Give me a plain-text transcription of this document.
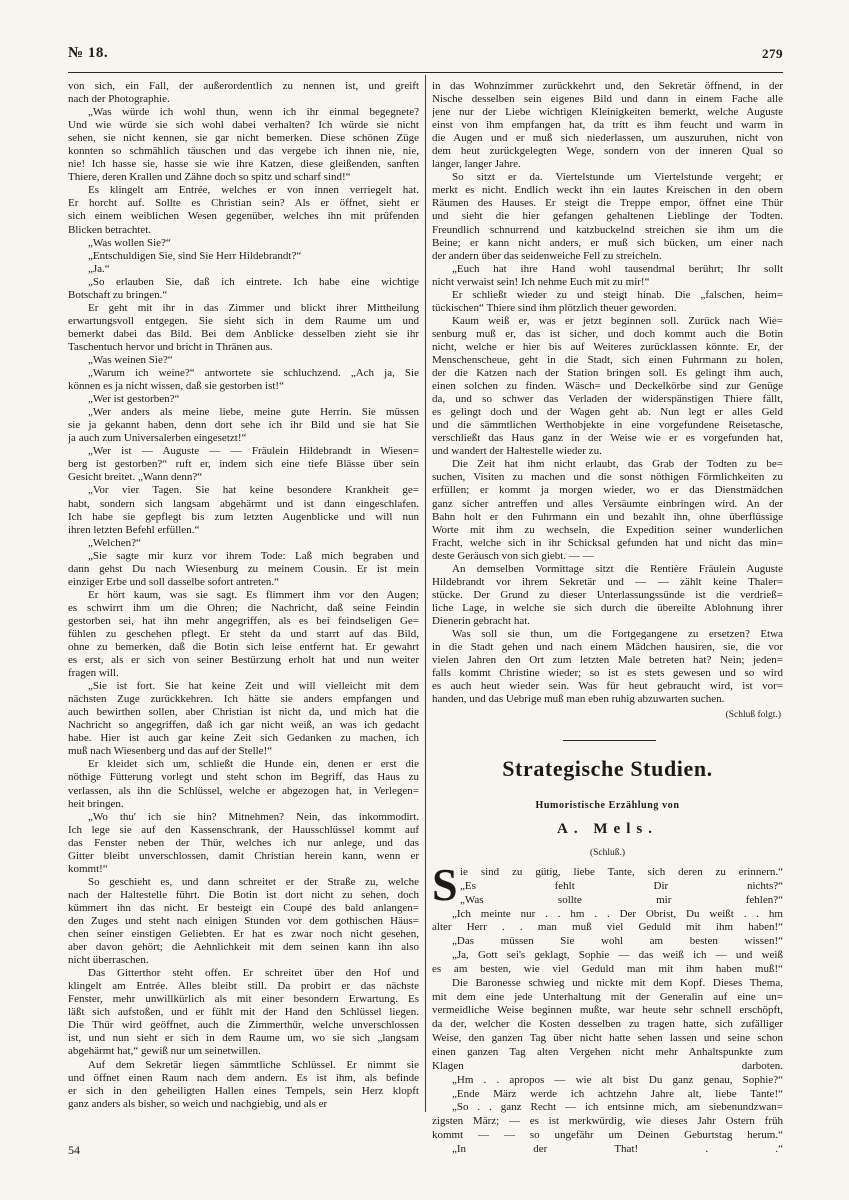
№ 18.	279
von sich, ein Fall, der außerordentlich zu nennen ist, und greift
nach der Photographie.
„Was würde ich wohl thun, wenn ich ihr einmal begegnete?
Und wie würde sie sich wohl dabei verhalten? Ich würde sie nicht
sehen, sie nicht kennen, sie gar nicht bemerken. Diese schönen Züge
konnten so schmählich täuschen und das vergebe ich ihnen nie, nie,
nie! Ich hasse sie, hasse sie wie ihre Katzen, diese gleißenden, sanften
Thiere, deren Krallen und Zähne doch so spitz und scharf sind!“
Es klingelt am Entrée, welches er von innen verriegelt hat.
Er horcht auf. Sollte es Christian sein? Als er öffnet, sieht er
sich einem weiblichen Wesen gegenüber, welches ihn mit prüfenden
Blicken betrachtet.
„Was wollen Sie?“
„Entschuldigen Sie, sind Sie Herr Hildebrandt?“
„Ja.“
„So erlauben Sie, daß ich eintrete. Ich habe eine wichtige
Botschaft zu bringen.“
Er geht mit ihr in das Zimmer und blickt ihrer Mittheilung
erwartungsvoll entgegen. Sie sieht sich in dem Raume um und
bemerkt dabei das Bild. Bei dem Anblicke desselben zieht sie ihr
Taschentuch hervor und bricht in Thränen aus.
„Was weinen Sie?“
„Warum ich weine?“ antwortete sie schluchzend. „Ach ja, Sie
können es ja nicht wissen, daß sie gestorben ist!“
„Wer ist gestorben?“
„Wer anders als meine liebe, meine gute Herrin. Sie müssen
sie ja gekannt haben, denn dort sehe ich ihr Bild und sie hat Sie
ja auch zum Universalerben eingesetzt!“
„Wer ist — Auguste — — Fräulein Hildebrandt in Wiesen=
berg ist gestorben?“ ruft er, indem sich eine tiefe Blässe über sein
Gesicht breitet. „Wann denn?“
„Vor vier Tagen. Sie hat keine besondere Krankheit ge=
habt, sondern sich langsam abgehärmt und ist dann eingeschlafen.
Ich habe sie gepflegt bis zum letzten Augenblicke und will nun
ihren letzten Befehl erfüllen.“
„Welchen?“
„Sie sagte mir kurz vor ihrem Tode: Laß mich begraben und
dann gehst Du nach Wiesenburg zu meinem Cousin. Er ist mein
einziger Erbe und soll dasselbe sofort antreten.“
Er hört kaum, was sie sagt. Es flimmert ihm vor den Augen;
es schwirrt ihm um die Ohren; die Nachricht, daß seine Feindin
gestorben sei, hat ihn mehr angegriffen, als es bei feindseligen Ge=
fühlen zu geschehen pflegt. Er steht da und starrt auf das Bild,
ohne zu bemerken, daß die Botin sich leise entfernt hat. Er gewahrt
es erst, als er sich von seiner Bestürzung erholt hat und nun weiter
fragen will.
„Sie ist fort. Sie hat keine Zeit und will vielleicht mit dem
nächsten Zuge zurückkehren. Ich hätte sie anders empfangen und
auch bewirthen sollen, aber Christian ist nicht da, und mich hat die
Nachricht so angegriffen, daß ich gar nicht weiß, an was ich gedacht
habe. Hier ist auch gar keine Zeit sich Gedanken zu machen, ich
muß nach Wiesenberg und das auf der Stelle!“
Er kleidet sich um, schließt die Hunde ein, denen er erst die
nöthige Fütterung vorlegt und steht schon im Begriff, das Haus zu
verlassen, als ihn die Schlüssel, welche er abgezogen hat, in Verlegen=
heit bringen.
„Wo thu' ich sie hin? Mitnehmen? Nein, das inkommodirt.
Ich lege sie auf den Kassenschrank, der Hausschlüssel kommt auf
das Fenster neben der Thür, welches ich nur anlege, und das
Gitter bleibt unverschlossen, damit Christian herein kann, wenn er
kommt!“
So geschieht es, und dann schreitet er der Straße zu, welche
nach der Haltestelle führt. Die Botin ist dort nicht zu sehen, doch
kümmert ihn das nicht. Er besteigt ein Coupé des bald anlangen=
den Zuges und steht nach einigen Stunden vor dem gothischen Häus=
chen seiner einstigen Geliebten. Er hat es zwar noch nicht gesehen,
aber davon gehört; die Aehnlichkeit mit dem seinen kann ihn also
nicht überraschen.
Das Gitterthor steht offen. Er schreitet über den Hof und
klingelt am Entrée. Alles bleibt still. Da probirt er das nächste
Fenster, mehr unwillkürlich als mit einer besondern Erwartung. Es
läßt sich aufstoßen, und er fühlt mit der Hand den Schlüssel liegen.
Die Thür wird geöffnet, auch die Zimmerthür, welche unverschlossen
ist, und nun sieht er sich in dem Raume um, wo sie sich „langsam
abgehärmt hat,“ gewiß nur um seinetwillen.
Auf dem Sekretär liegen sämmtliche Schlüssel. Er nimmt sie
und öffnet einen Raum nach dem andern. Es ist ihm, als befinde
er sich in den geheiligten Hallen eines Tempels, sein Herz klopft
ganz anders als bisher, so weich und nachgiebig, und als er
in das Wohnzimmer zurückkehrt und, den Sekretär öffnend, in der
Nische desselben sein eigenes Bild und dann in einem Fache alle
jene nur der Liebe wichtigen Kleinigkeiten bemerkt, welche Auguste
einst von ihm empfangen hat, da tritt es ihm feucht und warm in
die Augen und er muß sich niederlassen, um auszuruhen, nicht von
dem heut zurückgelegten Wege, sondern von der inneren Qual so
langer, langer Jahre.
So sitzt er da. Viertelstunde um Viertelstunde vergeht; er
merkt es nicht. Endlich weckt ihn ein lautes Kreischen in den obern
Räumen des Hauses. Er steigt die Treppe empor, öffnet eine Thür
und sieht die hier gefangen gehaltenen Lieblinge der Todten.
Freundlich schnurrend und katzbuckelnd streichen sie ihm um die
Beine; er kann nicht anders, er muß sich bücken, um einer nach
der andern über das seidenweiche Fell zu streicheln.
„Euch hat ihre Hand wohl tausendmal berührt; Ihr sollt
nicht verwaist sein! Ich nehme Euch mit zu mir!“
Er schließt wieder zu und steigt hinab. Die „falschen, heim=
tückischen“ Thiere sind ihm plötzlich theuer geworden.
Kaum weiß er, was er jetzt beginnen soll. Zurück nach Wie=
senburg muß er, das ist sicher, und doch kommt auch die Botin
nicht, welche er hier bis auf Weiteres zurücklassen könnte. Er, der
Menschenscheue, geht in die Stadt, sich einen Fuhrmann zu holen,
der die Katzen nach der Station bringen soll. Es gelingt ihm auch,
einen solchen zu finden. Wäsch= und Deckelkörbe sind zur Genüge
da, und so schwer das Verladen der widerspänstigen Thiere fällt,
es gelingt doch und der Wagen geht ab. Nun legt er alles Geld
und die sämmtlichen Werthobjekte in eine vorgefundene Reisetasche,
verschließt das Haus ganz in der Weise wie er es vorgefunden hat,
und wandert der Haltestelle wieder zu.
Die Zeit hat ihm nicht erlaubt, das Grab der Todten zu be=
suchen, Visiten zu machen und die sonst nöthigen Förmlichkeiten zu
erfüllen; er kommt ja morgen wieder, wo er das Dienstmädchen
ganz sicher antreffen und alles Versäumte einbringen wird. An der
Bahn holt er den Fuhrmann ein und bezahlt ihn, ohne überflüssige
Worte mit ihm zu wechseln, die Expedition seiner wunderlichen
Fracht, welche sich in ihr Schicksal gefunden hat und nicht das min=
deste Geräusch von sich giebt. — —
An demselben Vormittage sitzt die Rentière Fräulein Auguste
Hildebrandt vor ihrem Sekretär und — — zählt keine Thaler=
stücke. Der Grund zu dieser Unterlassungssünde ist die verdrieß=
liche Lage, in welche sie sich durch die übereilte Ablohnung ihrer
Dienerin gebracht hat.
Was soll sie thun, um die Fortgegangene zu ersetzen? Etwa
in die Stadt gehen und nach einem Mädchen hausiren, sie, die vor
vielen Jahren den Ort zum letzten Male betreten hat? Nein; jeden=
falls kommt Christine wieder; so ist es stets gewesen und so wird
es auch heut wieder sein. Was für heut gebraucht wird, ist vor=
handen, und das Uebrige muß man eben ruhig abzuwarten suchen.
(Schluß folgt.)
Strategische Studien.
Humoristische Erzählung von
A. Mels.
(Schluß.)
S ie sind zu gütig, liebe Tante, sich deren zu erinnern.“
„Es fehlt Dir nichts?“
„Was sollte mir fehlen?“
„Ich meinte nur . . hm . . Der Obrist, Du weißt . . hm
alter Herr . . man muß viel Geduld mit ihm haben!“
„Das müssen Sie wohl am besten wissen!“
„Ja, Gott sei's geklagt, Sophie — das weiß ich — und weiß
es am besten, wie viel Geduld man mit ihm haben muß!“
Die Baronesse schwieg und nickte mit dem Kopf. Dieses Thema,
mit dem eine jede Unterhaltung mit der Generalin auf eine un=
vermeidliche Weise beginnen mußte, war heute sehr schnell erschöpft,
da der, welcher die Kosten desselben zu tragen hatte, sich zufälliger
Weise, den ganzen Tag über nicht hatte sehen lassen und seine schon
einen ganzen Tag alten Vergehen nicht mehr Anhaltspunkte zum
Klagen darboten.
„Hm . . apropos — wie alt bist Du ganz genau, Sophie?“
„Ende März werde ich achtzehn Jahre alt, liebe Tante!“
„So . . ganz Recht — ich entsinne mich, am siebenundzwan=
zigsten März; — es ist merkwürdig, wie dieses Jahr Ostern früh
kommt — — so ungefähr um Deinen Geburtstag herum.“
„In der That! . .“
54
